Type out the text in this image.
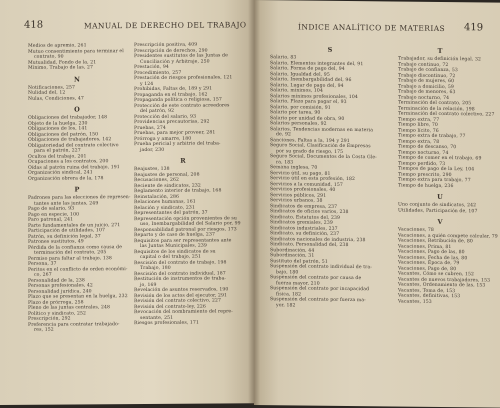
418	MANUAL DE DERECHO DEL TRABAJO
Medios de apremio, 261
Mutuo consentimiento para terminar el
contrato, 90
Mutualidad, Fondo de la, 21
Mínimo, Trabajo de las, 27
N
Notificaciones, 257
Nulidad del, 12
Nulas, Condiciones, 47
O
Obligaciones del trabajador, 148
Objeto de la huelga, 230
Obligaciones de los, 141
Obligaciones del patrón, 150
Obligaciones de trabajadores, 142
Obligatoriedad del contrato colectivo
para el patrón, 227
Ocultos del trabajo, 201
Ocupaciones a los contratos, 200
Oídas al patrón ruina del trabajo, 191
Organización sindical, 241
Organización obrera de la, 178
P
Padrones para las elecciones de represen-
tantes ante las juntas, 249
Pago de salario, 93
Pago en especie, 100
Paro patronal, 241
Parte fundamentales de un juicio, 271
Participación de utilidades, 107
Patrón, su definición legal, 37
Patrones sustitutos, 49
Pérdida de la confianza como causa de
terminación del contrato, 205
Permiso para faltar al trabajo, 138
Persona, 37
Peritos en el conflicto de orden económi-
co, 267
Personalidad de la, 238
Personas profesionales, 42
Personalidad jurídica, 240
Plazo que se presentan en la huelga, 232
Plazo de prórroga, 258
Pleno de las juntas centrales, 248
Político y sindicato, 252
Prescripción, 292
Preferencia para contratar trabajado-
res, 152
Prescripción positiva, 409
Prescripción de derechos, 290
Presidentes sustitutos de las Juntas de
Conciliación y Arbitraje, 250
Prestación, 94
Procedimiento, 257
Prestación de riesgos profesionales, 121
y 124
Prohibidas, Faltas de, 189 y 291
Propaganda en el trabajo, 162
Propaganda política o religiosa, 157
Protección de este contrato acreedores
del patrón, 92
Protección del salario, 93
Providencias precautorias, 292
Pruebas, 274
Pruebas, para mejor proveer, 281
Prórroga y amarre, 180
Prueba pericial y arbitrio del traba-
jador, 230
R
Reajustes, 138
Reajustes de personal, 208
Recusaciones, 262
Reciente de sindicatos, 232
Reglamento interior de trabajo, 168
Reinstalación, 286
Relaciones humanas, 161
Relación y sindicato, 231
Representantes del patrón, 37
Representación opción provenientes de su
uso, Inembargabilidad del Salario por, 99
Responsabilidad patronal por riesgos, 173
Reparto y de caso de huelga, 237
Requisitos para ser representantes ante
las Juntas Municipales, 239
Requisitos de los sindicatos de su
capital o del trabajo, 251
Rescisión del contrato de trabajo, 198
Trabajo, 180
Rescisión del contrato individual, 187
Restitución de instrumentos de traba-
jo, 169
Revelación de asuntos reservados, 190
Revisión de los actos del ejecutor, 291
Revisión del contrato colectivo, 227
Revisión del contrato-ley, 226
Revocación del nombramiento del repre-
sentante, 251
Riesgos profesionales, 171
ÍNDICE ANALÍTICO DE MATERIAS 419
S
Salario, 83
Salario, Elementos integrantes del, 91
Salario, Forma de pago del, 94
Salario, Igualdad del, 95
Salario, Inembargabilidad del, 96
Salario, Lugar de pago del, 94
Salario, mínimos, 104
Salarios mínimos profesionales, 104
Salario, Plazo para pagar el, 93
Salario, por comisión, 91
Salario por tarea, 90
Salario por unidad de obra, 90
Salarios personales, 92
Salarios, Tendencias modernas en materia
de, 92
Sanciones, Faltas a la, 194 y 291
Seguro Social, Clasificación de Empresas
por su grado de riesgo, 175
Seguro Social, Documentos de la Costa Gle-
ra, 183
Semana inglesa, 70
Servicio útil, su pago, 81
Servicio útil en esta profesión, 182
Servicios a la comunidad, 157
Servicios profesionales, 40
Servicios públicos, 291
Servicios urbanos, 38
Sindicatos de empresa, 237
Sindicatos de oficios varios, 238
Sindicato, Estatutos del, 239
Sindicatos gremiales, 239
Sindicatos industriales, 237
Sindicato, su definición, 237
Sindicatos nacionales de industria, 238
Sindicato, Personalidad del, 238
Subordinación, 44
Subordinación, 31
Sustituto del patrón, 51
Suspensión del contrato individual de tra-
bajo, 180
Suspensión del contrato por causa de
fuerza mayor, 210
Suspensión del contrato por incapacidad
física, 182
Suspensión del contrato por fuerza ma-
yor, 182
T
Trabajador, su definición legal, 32
Trabajo continuo, 72
Trabajo de confianza, 53
Trabajo discontinuo, 72
Trabajo de mujeres, 60
Trabajo a domicilio, 59
Trabajo de menores, 63
Trabajo nocturno, 74
Terminación del contrato, 205
Terminación de la relación, 198
Terminación del contrato colectivo, 227
Tiempo extra, 77
Tiempo libre, 70
Tiempo lícito, 76
Tiempo extra de trabajo, 77
Tiempo extra, 78
Tiempo de descanso, 70
Tiempo nocturno, 74
Tiempo de comer en el trabajo, 69
Tiempo perdido, 73
Tiempos de pago de la Ley, 104
Tiempo prescrito, 290
Tiempo extra para trabajo, 77
Tiempo de huelga, 236
U
Uno conjunto de sindicatos, 242
Utilidades, Participación de, 107
V
Vacaciones, 78
Vacaciones, a quién compete calcular, 79
Vacaciones, Retribución de, 80
Vacaciones, Prima, 81
Vacaciones, Pago de las, 80
Vacaciones, Fecha de las, 80
Vacaciones, Época de, 79
Vacaciones, Pago de, 80
Vacantes, Cómo se cubren, 152
Vacantes de nuevos trabajadores, 153
Vacantes, Ordenamiento de las, 153
Vacantes, Toma de, 153
Vacantes, definitivas, 153
Vacantes, 153
